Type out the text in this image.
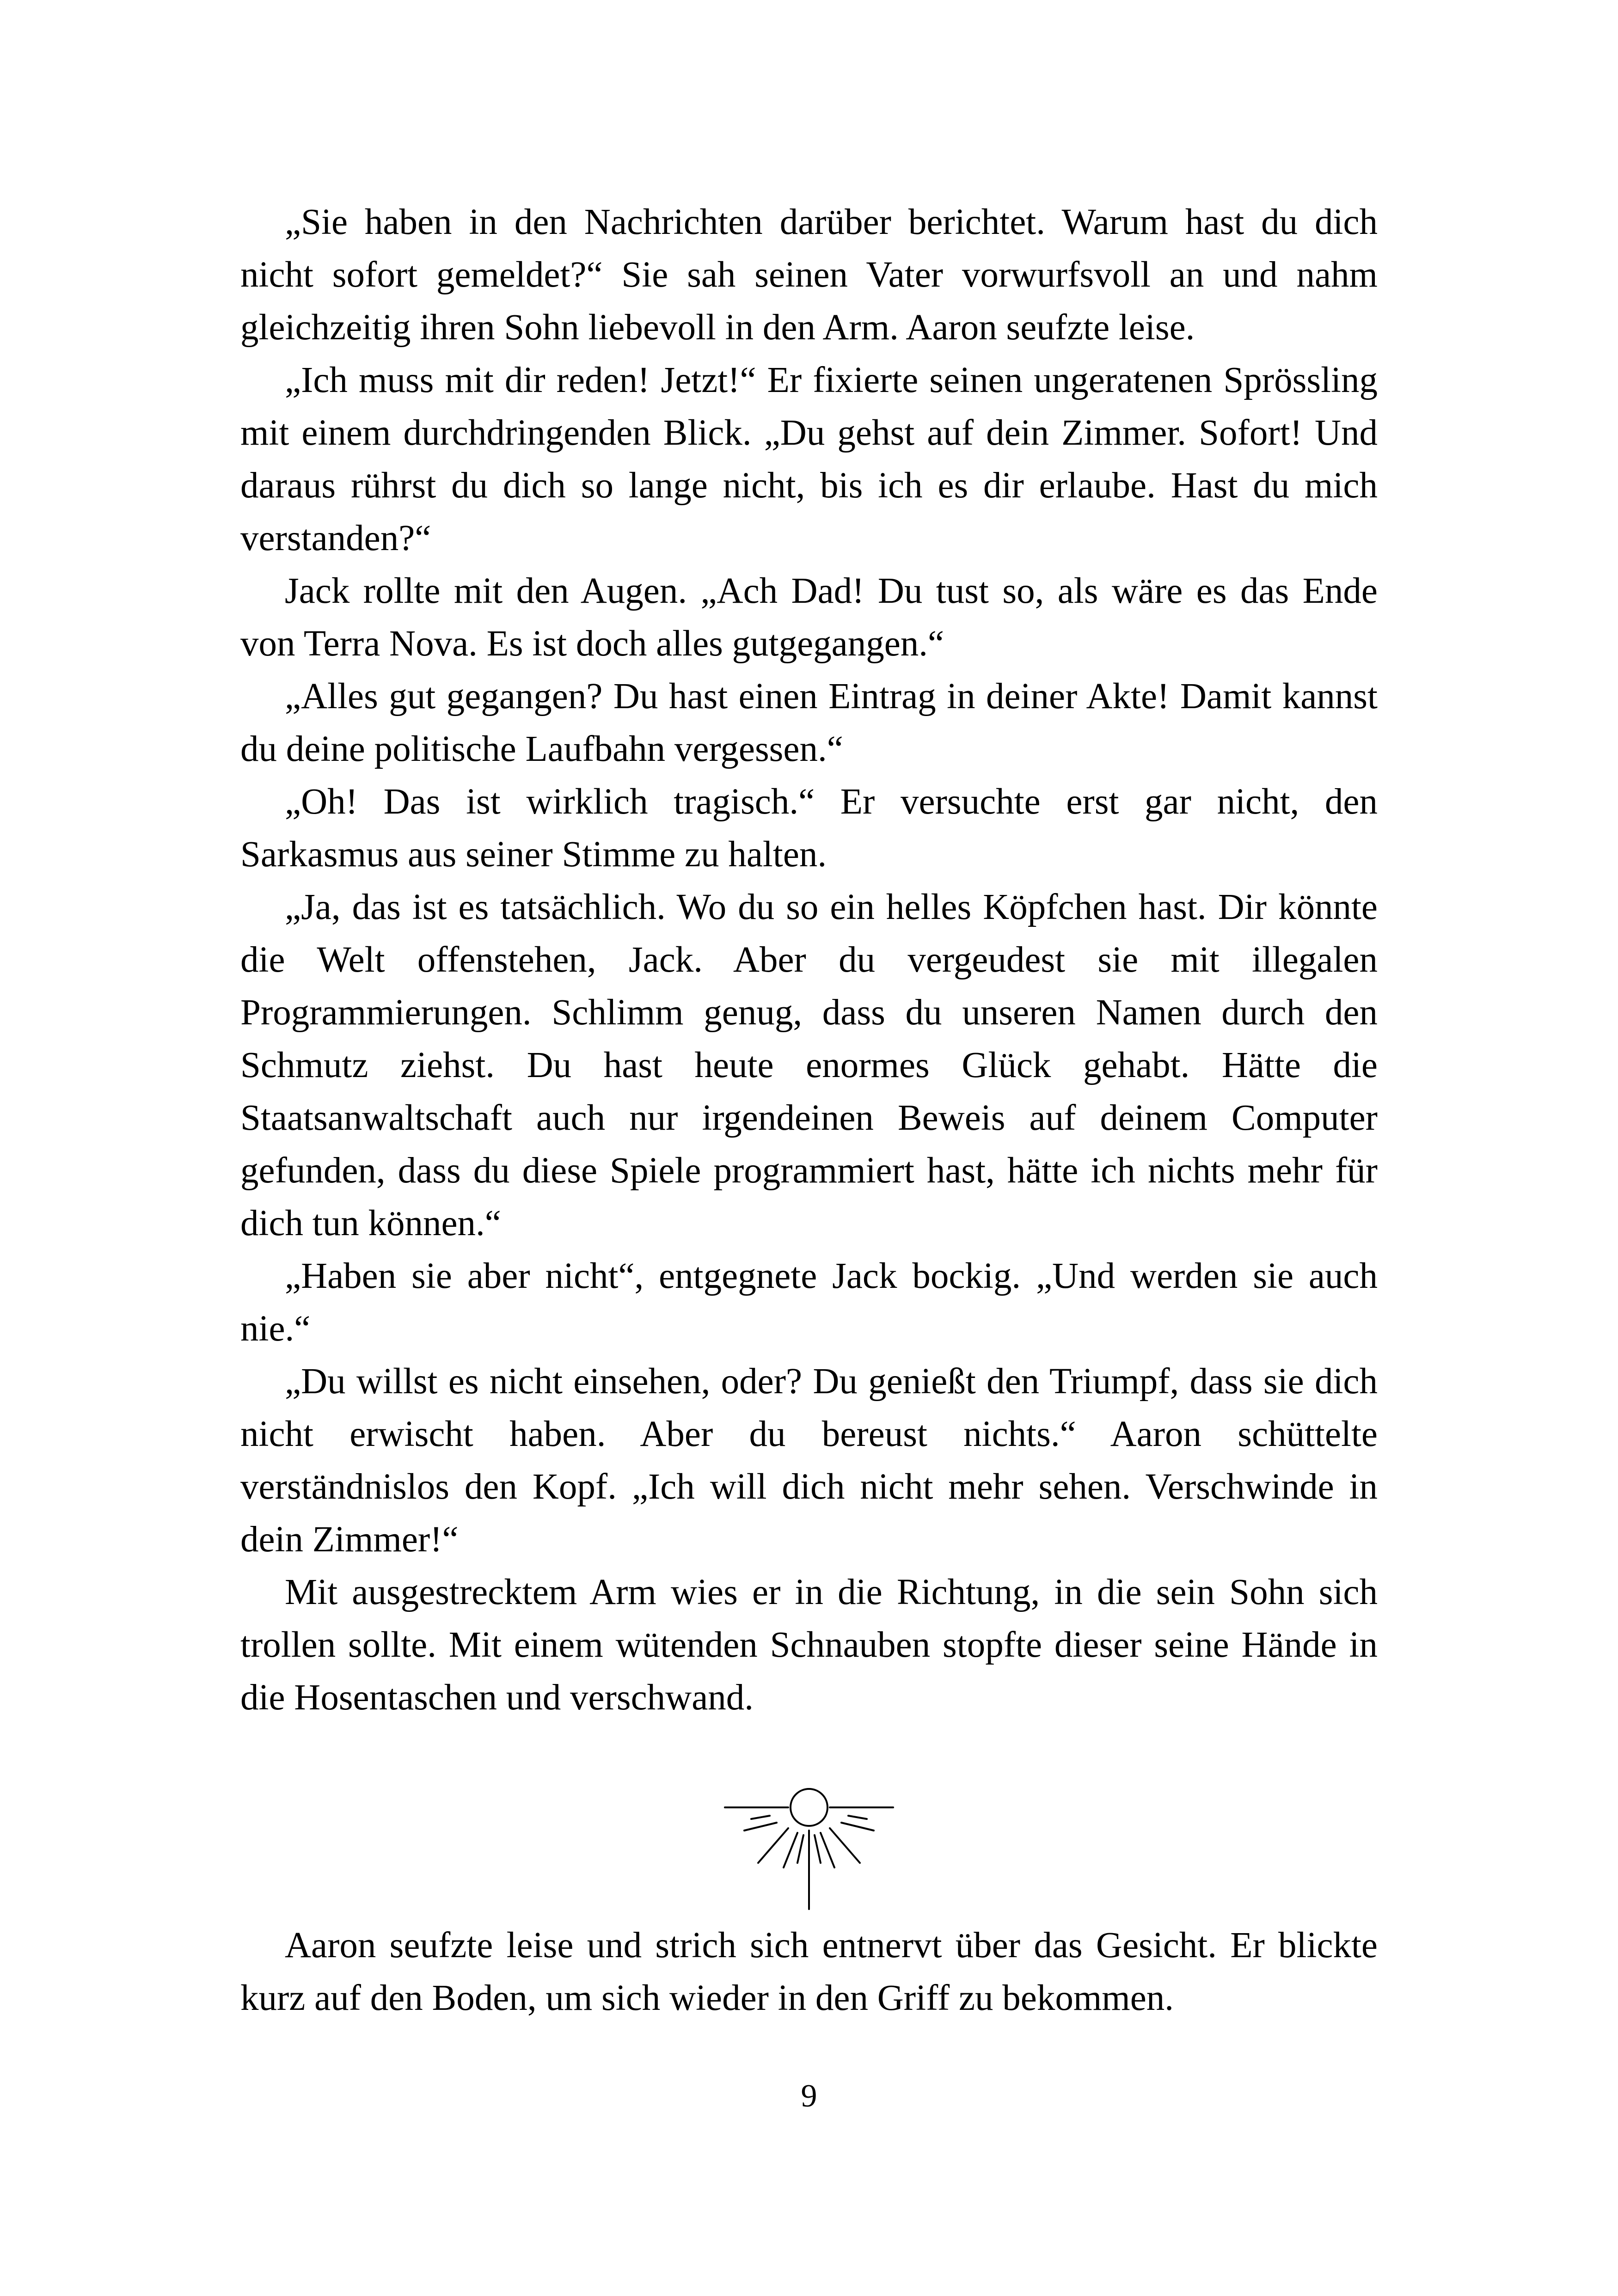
„Sie haben in den Nachrichten darüber berichtet. Warum hast du dich nicht sofort gemeldet?“ Sie sah seinen Vater vorwurfsvoll an und nahm gleichzeitig ihren Sohn liebevoll in den Arm. Aaron seufzte leise.

„Ich muss mit dir reden! Jetzt!“ Er fixierte seinen ungeratenen Sprössling mit einem durchdringenden Blick. „Du gehst auf dein Zimmer. Sofort! Und daraus rührst du dich so lange nicht, bis ich es dir erlaube. Hast du mich verstanden?“

Jack rollte mit den Augen. „Ach Dad! Du tust so, als wäre es das Ende von Terra Nova. Es ist doch alles gutgegangen.“

„Alles gut gegangen? Du hast einen Eintrag in deiner Akte! Damit kannst du deine politische Laufbahn vergessen.“

„Oh! Das ist wirklich tragisch.“ Er versuchte erst gar nicht, den Sarkasmus aus seiner Stimme zu halten.

„Ja, das ist es tatsächlich. Wo du so ein helles Köpfchen hast. Dir könnte die Welt offenstehen, Jack. Aber du vergeudest sie mit illegalen Programmierungen. Schlimm genug, dass du unseren Namen durch den Schmutz ziehst. Du hast heute enormes Glück gehabt. Hätte die Staatsanwaltschaft auch nur irgendeinen Beweis auf deinem Computer gefunden, dass du diese Spiele programmiert hast, hätte ich nichts mehr für dich tun können.“

„Haben sie aber nicht“, entgegnete Jack bockig. „Und werden sie auch nie.“

„Du willst es nicht einsehen, oder? Du genießt den Triumpf, dass sie dich nicht erwischt haben. Aber du bereust nichts.“ Aaron schüttelte verständnislos den Kopf. „Ich will dich nicht mehr sehen. Verschwinde in dein Zimmer!“

Mit ausgestrecktem Arm wies er in die Richtung, in die sein Sohn sich trollen sollte. Mit einem wütenden Schnauben stopfte dieser seine Hände in die Hosentaschen und verschwand.

Aaron seufzte leise und strich sich entnervt über das Gesicht. Er blickte kurz auf den Boden, um sich wieder in den Griff zu bekommen.

9
